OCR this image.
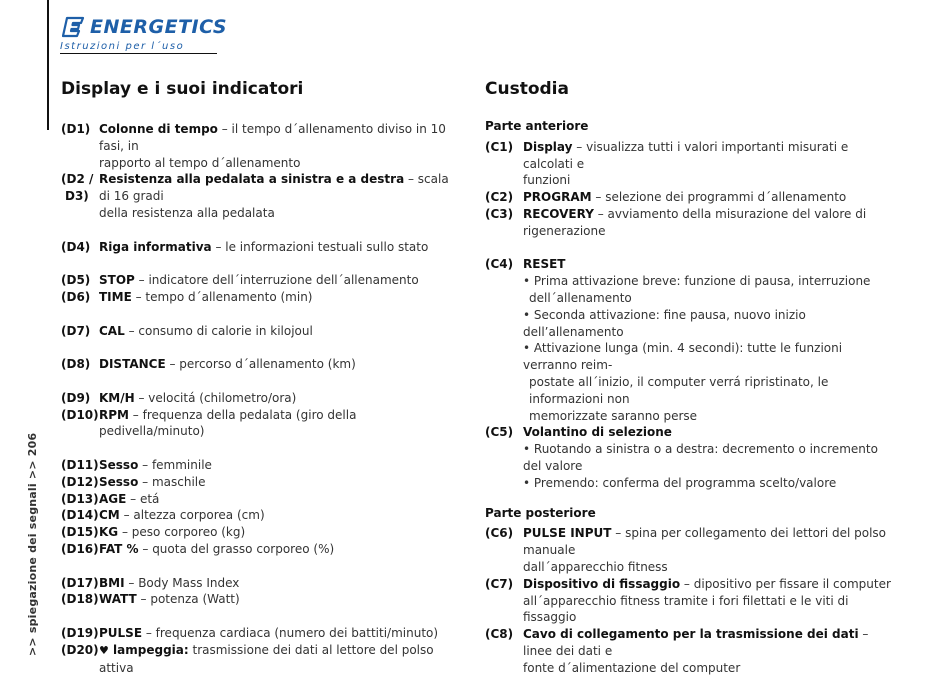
ENERGETICS
Istruzioni per l´uso
>> spiegazione dei segnali >> 206
Display e i suoi indicatori	Custodia
(D1) Colonne di tempo – il tempo d´allenamento diviso in 10 fasi, in
rapporto al tempo d´allenamento
(D2 /
D3)
Resistenza alla pedalata a sinistra e a destra – scala di 16 gradi
della resistenza alla pedalata
(D4) Riga informativa – le informazioni testuali sullo stato
(D5) STOP – indicatore dell´interruzione dell´allenamento
(D6) TIME – tempo d´allenamento (min)
(D7) CAL – consumo di calorie in kilojoul
(D8) DISTANCE – percorso d´allenamento (km)
(D9) KM/H – velocitá (chilometro/ora)
(D10) RPM – frequenza della pedalata (giro della pedivella/minuto)
(D11) Sesso – femminile
(D12) Sesso – maschile
(D13) AGE – etá
(D14) CM – altezza corporea (cm)
(D15) KG – peso corporeo (kg)
(D16) FAT % – quota del grasso corporeo (%)
(D17) BMI – Body Mass Index
(D18) WATT – potenza (Watt)
(D19) PULSE – frequenza cardiaca (numero dei battiti/minuto)
(D20) ♥ lampeggia: trasmissione dei dati al lettore del polso attiva
Parte anteriore
(C1) Display – visualizza tutti i valori importanti misurati e calcolati e
funzioni
(C2) PROGRAM – selezione dei programmi d´allenamento
(C3) RECOVERY – avviamento della misurazione del valore di
rigenerazione
(C4) RESET
• Prima attivazione breve: funzione di pausa, interruzione
dell´allenamento
• Seconda attivazione: fine pausa, nuovo inizio dell’allenamento
• Attivazione lunga (min. 4 secondi): tutte le funzioni verranno reim-
postate all´inizio, il computer verrá ripristinato, le informazioni non
memorizzate saranno perse
(C5) Volantino di selezione
• Ruotando a sinistra o a destra: decremento o incremento del valore
• Premendo: conferma del programma scelto/valore
Parte posteriore
(C6) PULSE INPUT – spina per collegamento dei lettori del polso manuale
dall´apparecchio fitness
(C7) Dispositivo di fissaggio – dipositivo per fissare il computer
all´apparecchio fitness tramite i fori filettati e le viti di fissaggio
(C8) Cavo di collegamento per la trasmissione dei dati – linee dei dati e
fonte d´alimentazione del computer
